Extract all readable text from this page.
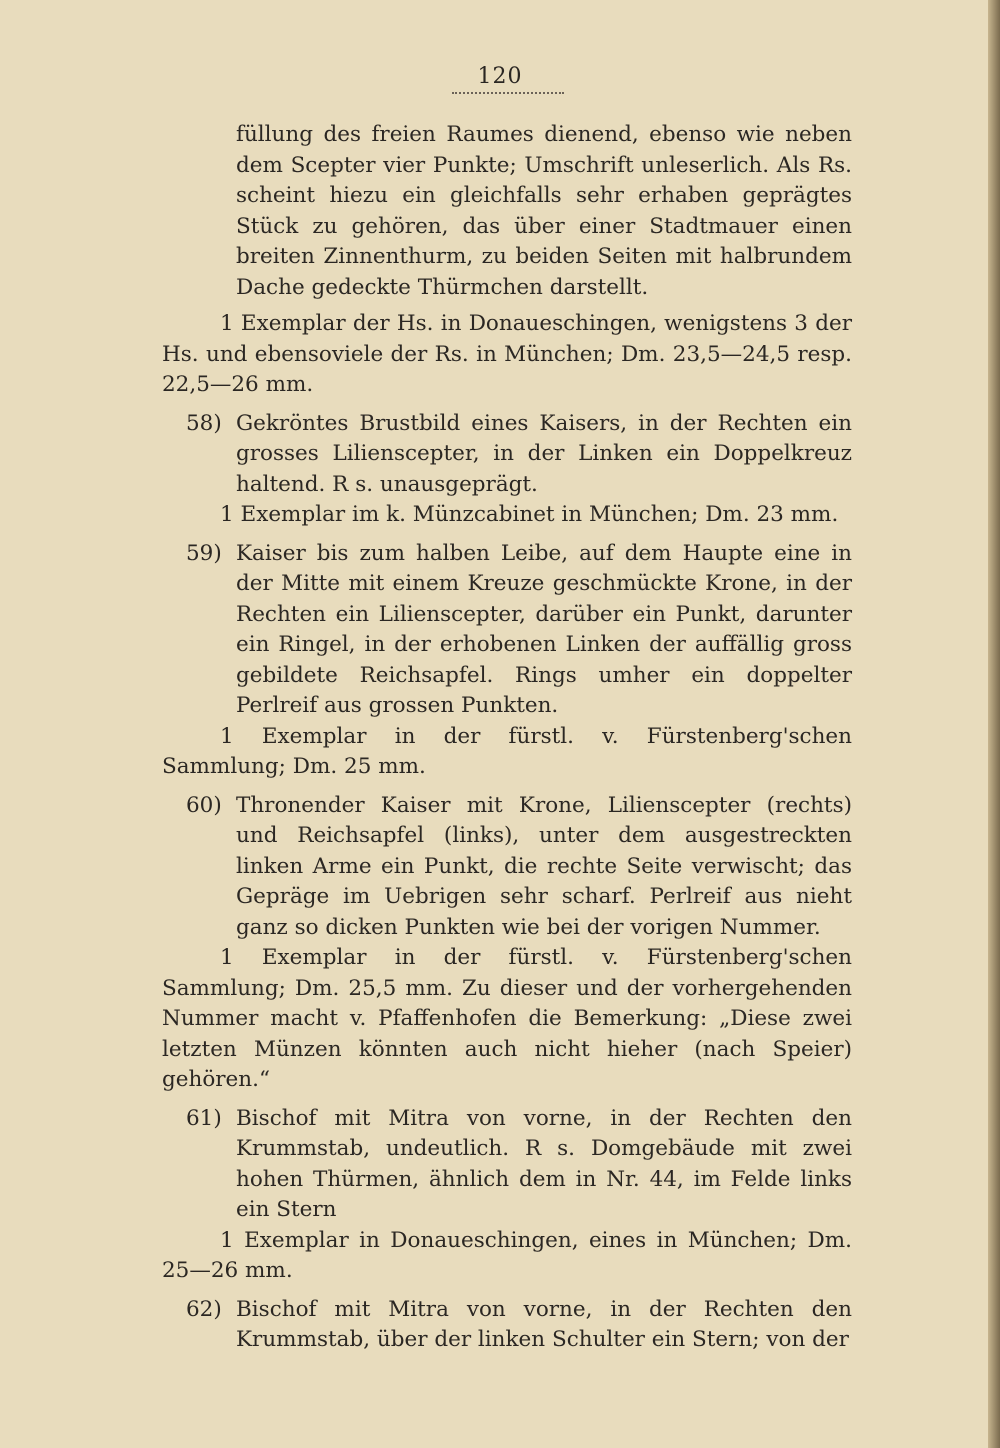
120

füllung des freien Raumes dienend, ebenso wie neben dem Scepter vier Punkte; Umschrift unleserlich. Als Rs. scheint hiezu ein gleichfalls sehr erhaben geprägtes Stück zu gehören, das über einer Stadtmauer einen breiten Zinnenthurm, zu beiden Seiten mit halbrundem Dache gedeckte Thürmchen darstellt.

1 Exemplar der Hs. in Donaueschingen, wenigstens 3 der Hs. und ebensoviele der Rs. in München; Dm. 23,5—24,5 resp. 22,5—26 mm.

58) Gekröntes Brustbild eines Kaisers, in der Rechten ein grosses Lilienscepter, in der Linken ein Doppelkreuz haltend. R s. unausgeprägt.

1 Exemplar im k. Münzcabinet in München; Dm. 23 mm.

59) Kaiser bis zum halben Leibe, auf dem Haupte eine in der Mitte mit einem Kreuze geschmückte Krone, in der Rechten ein Lilienscepter, darüber ein Punkt, darunter ein Ringel, in der erhobenen Linken der auffällig gross gebildete Reichsapfel. Rings umher ein doppelter Perlreif aus grossen Punkten.

1 Exemplar in der fürstl. v. Fürstenberg'schen Sammlung; Dm. 25 mm.

60) Thronender Kaiser mit Krone, Lilienscepter (rechts) und Reichsapfel (links), unter dem ausgestreckten linken Arme ein Punkt, die rechte Seite verwischt; das Gepräge im Uebrigen sehr scharf. Perlreif aus nieht ganz so dicken Punkten wie bei der vorigen Nummer.

1 Exemplar in der fürstl. v. Fürstenberg'schen Sammlung; Dm. 25,5 mm. Zu dieser und der vorhergehenden Nummer macht v. Pfaffenhofen die Bemerkung: „Diese zwei letzten Münzen könnten auch nicht hieher (nach Speier) gehören.“

61) Bischof mit Mitra von vorne, in der Rechten den Krummstab, undeutlich. R s. Domgebäude mit zwei hohen Thürmen, ähnlich dem in Nr. 44, im Felde links ein Stern

1 Exemplar in Donaueschingen, eines in München; Dm. 25—26 mm.

62) Bischof mit Mitra von vorne, in der Rechten den Krummstab, über der linken Schulter ein Stern; von der
